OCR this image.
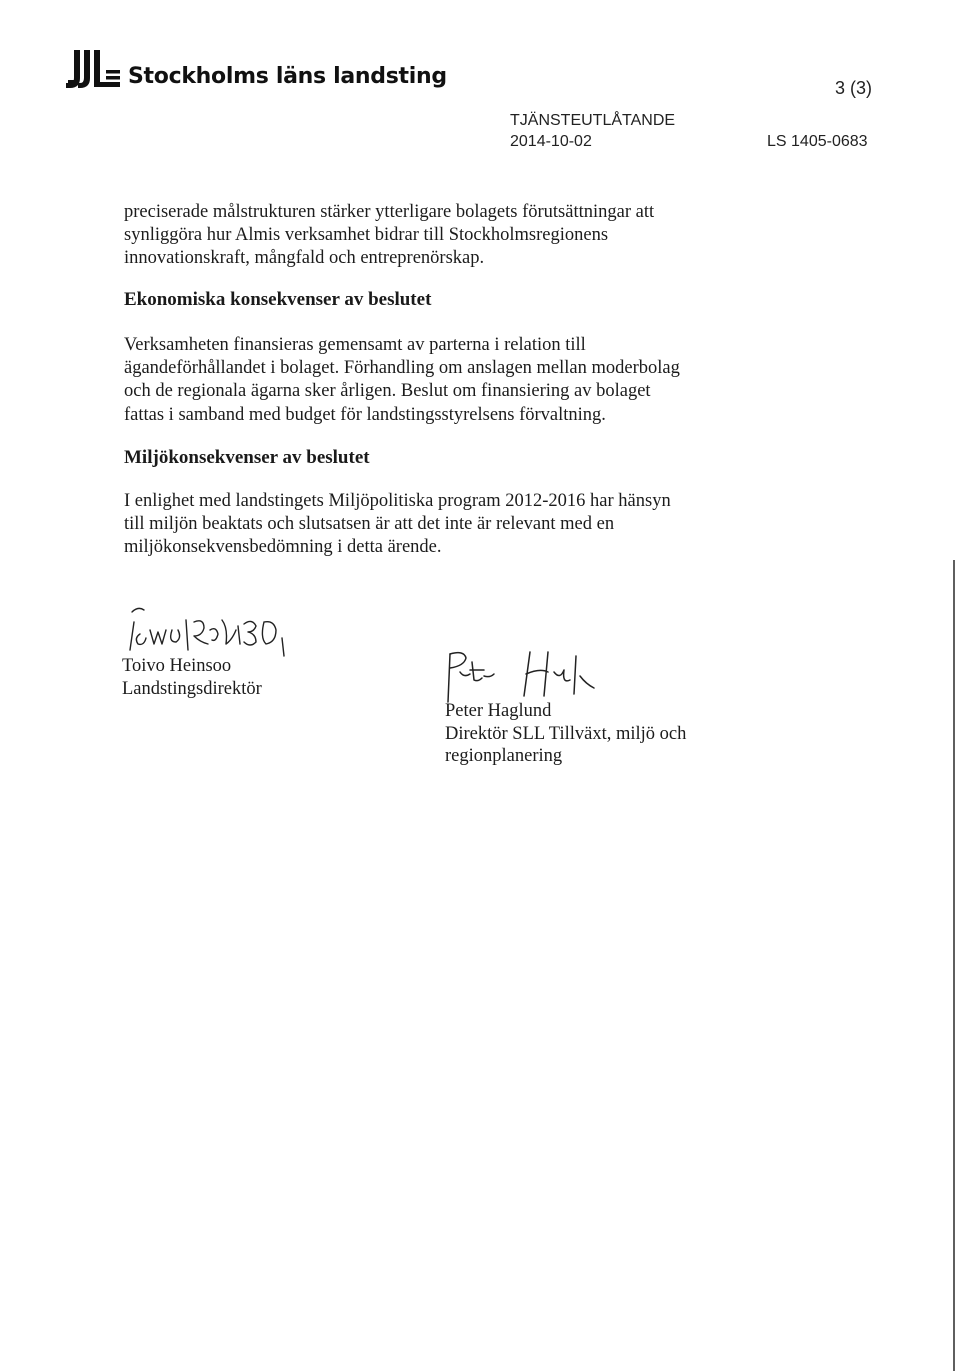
Stockholms läns landsting	3 (3)
TJÄNSTEUTLÅTANDE
2014-10-02	LS 1405-0683
preciserade målstrukturen stärker ytterligare bolagets förutsättningar att
synliggöra hur Almis verksamhet bidrar till Stockholmsregionens
innovationskraft, mångfald och entreprenörskap.
Ekonomiska konsekvenser av beslutet
Verksamheten finansieras gemensamt av parterna i relation till
ägandeförhållandet i bolaget. Förhandling om anslagen mellan moderbolag
och de regionala ägarna sker årligen. Beslut om finansiering av bolaget
fattas i samband med budget för landstingsstyrelsens förvaltning.
Miljökonsekvenser av beslutet
I enlighet med landstingets Miljöpolitiska program 2012-2016 har hänsyn
till miljön beaktats och slutsatsen är att det inte är relevant med en
miljökonsekvensbedömning i detta ärende.
Toivo Heinsoo
Landstingsdirektör
Peter Haglund
Direktör SLL Tillväxt, miljö och
regionplanering
